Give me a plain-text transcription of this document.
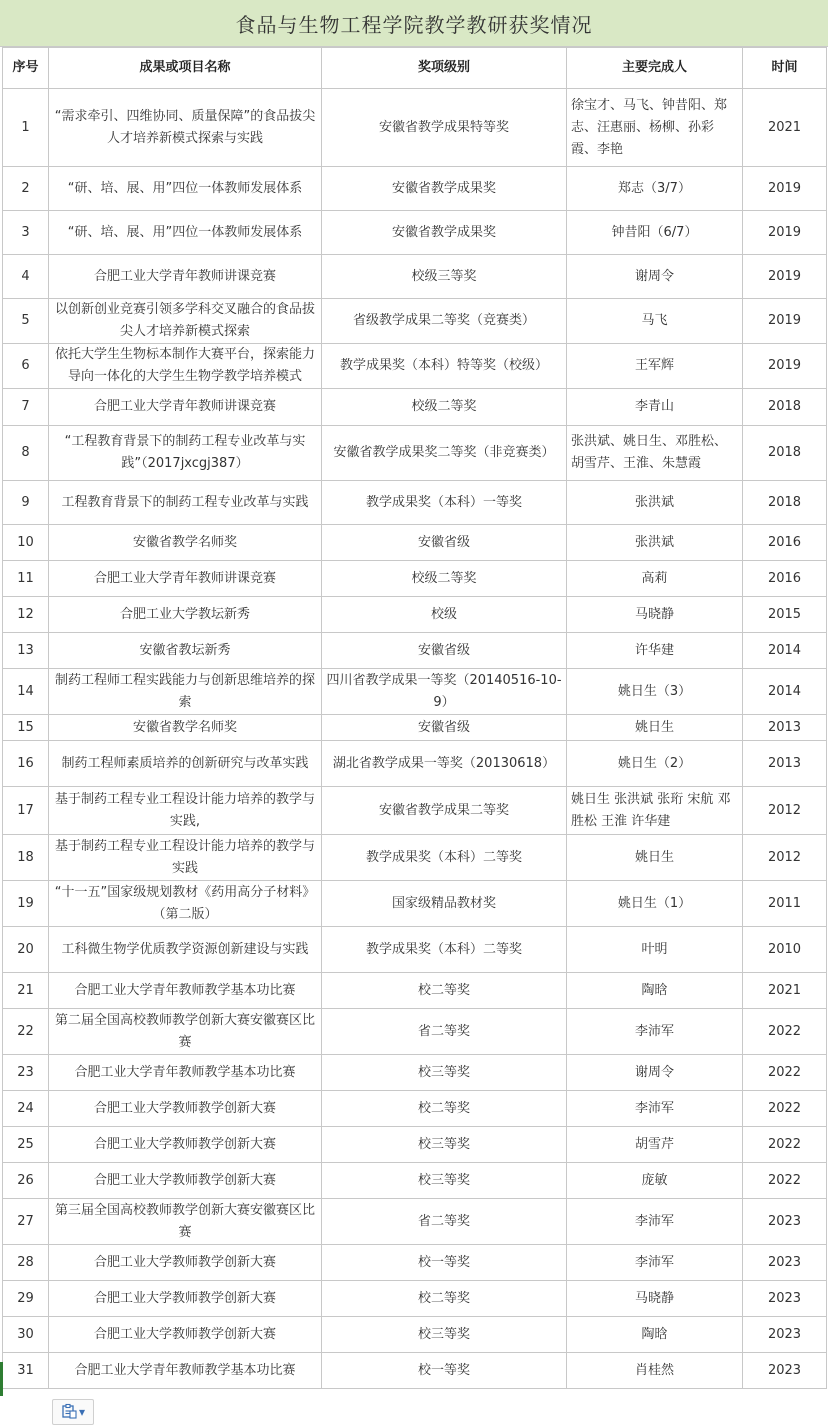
食品与生物工程学院教学教研获奖情况
序号	成果或项目名称	奖项级别	主要完成人	时间
1	“需求牵引、四维协同、质量保障”的食品拔尖人才培养新模式探索与实践	安徽省教学成果特等奖	徐宝才、马飞、钟昔阳、郑志、汪惠丽、杨柳、孙彩霞、李艳	2021
2	“研、培、展、用”四位一体教师发展体系	安徽省教学成果奖	郑志（3/7）	2019
3	“研、培、展、用”四位一体教师发展体系	安徽省教学成果奖	钟昔阳（6/7）	2019
4	合肥工业大学青年教师讲课竞赛	校级三等奖	谢周令	2019
5	以创新创业竞赛引领多学科交叉融合的食品拔尖人才培养新模式探索	省级教学成果二等奖（竞赛类）	马飞	2019
6	依托大学生生物标本制作大赛平台，探索能力导向一体化的大学生生物学教学培养模式	教学成果奖（本科）特等奖（校级）	王军辉	2019
7	合肥工业大学青年教师讲课竞赛	校级二等奖	李青山	2018
8	“工程教育背景下的制药工程专业改革与实践”（2017jxcgj387）	安徽省教学成果奖二等奖（非竞赛类）	张洪斌、姚日生、邓胜松、胡雪芹、王淮、朱慧霞	2018
9	工程教育背景下的制药工程专业改革与实践	教学成果奖（本科）一等奖	张洪斌	2018
10	安徽省教学名师奖	安徽省级	张洪斌	2016
11	合肥工业大学青年教师讲课竞赛	校级二等奖	高莉	2016
12	合肥工业大学教坛新秀	校级	马晓静	2015
13	安徽省教坛新秀	安徽省级	许华建	2014
14	制药工程师工程实践能力与创新思维培养的探索	四川省教学成果一等奖（20140516-10-9）	姚日生（3）	2014
15	安徽省教学名师奖	安徽省级	姚日生	2013
16	制药工程师素质培养的创新研究与改革实践	湖北省教学成果一等奖（20130618）	姚日生（2）	2013
17	基于制药工程专业工程设计能力培养的教学与实践,	安徽省教学成果二等奖	姚日生 张洪斌 张珩 宋航 邓胜松 王淮 许华建	2012
18	基于制药工程专业工程设计能力培养的教学与实践	教学成果奖（本科）二等奖	姚日生	2012
19	“十一五”国家级规划教材《药用高分子材料》（第二版）	国家级精品教材奖	姚日生（1）	2011
20	工科微生物学优质教学资源创新建设与实践	教学成果奖（本科）二等奖	叶明	2010
21	合肥工业大学青年教师教学基本功比赛	校二等奖	陶晗	2021
22	第二届全国高校教师教学创新大赛安徽赛区比赛	省二等奖	李沛军	2022
23	合肥工业大学青年教师教学基本功比赛	校三等奖	谢周令	2022
24	合肥工业大学教师教学创新大赛	校二等奖	李沛军	2022
25	合肥工业大学教师教学创新大赛	校三等奖	胡雪芹	2022
26	合肥工业大学教师教学创新大赛	校三等奖	庞敏	2022
27	第三届全国高校教师教学创新大赛安徽赛区比赛	省二等奖	李沛军	2023
28	合肥工业大学教师教学创新大赛	校一等奖	李沛军	2023
29	合肥工业大学教师教学创新大赛	校二等奖	马晓静	2023
30	合肥工业大学教师教学创新大赛	校三等奖	陶晗	2023
31	合肥工业大学青年教师教学基本功比赛	校一等奖	肖桂然	2023
▾
